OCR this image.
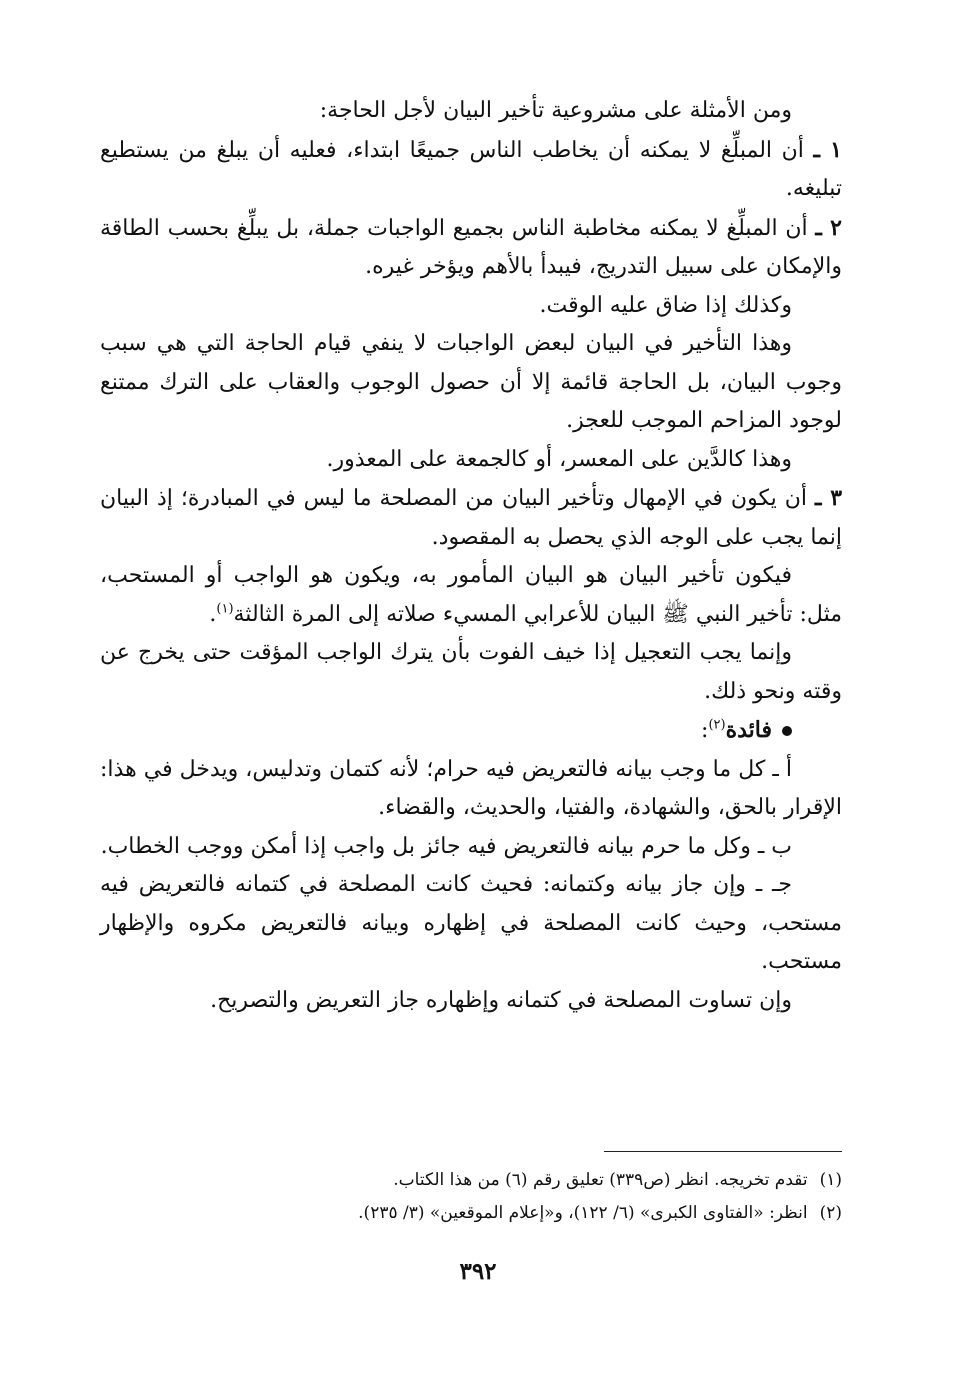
ومن الأمثلة على مشروعية تأخير البيان لأجل الحاجة:

١ ـ أن المبلِّغ لا يمكنه أن يخاطب الناس جميعًا ابتداء، فعليه أن يبلغ من يستطيع تبليغه.

٢ ـ أن المبلِّغ لا يمكنه مخاطبة الناس بجميع الواجبات جملة، بل يبلِّغ بحسب الطاقة والإمكان على سبيل التدريج، فيبدأ بالأهم ويؤخر غيره.

وكذلك إذا ضاق عليه الوقت.

وهذا التأخير في البيان لبعض الواجبات لا ينفي قيام الحاجة التي هي سبب وجوب البيان، بل الحاجة قائمة إلا أن حصول الوجوب والعقاب على الترك ممتنع لوجود المزاحم الموجب للعجز.

وهذا كالدَّين على المعسر، أو كالجمعة على المعذور.

٣ ـ أن يكون في الإمهال وتأخير البيان من المصلحة ما ليس في المبادرة؛ إذ البيان إنما يجب على الوجه الذي يحصل به المقصود.

فيكون تأخير البيان هو البيان المأمور به، ويكون هو الواجب أو المستحب، مثل: تأخير النبي ﷺ البيان للأعرابي المسيء صلاته إلى المرة الثالثة$^{(١)}$.

وإنما يجب التعجيل إذا خيف الفوت بأن يترك الواجب المؤقت حتى يخرج عن وقته ونحو ذلك.

فائدة$^{(٢)}$:

أ ـ كل ما وجب بيانه فالتعريض فيه حرام؛ لأنه كتمان وتدليس، ويدخل في هذا: الإقرار بالحق، والشهادة، والفتيا، والحديث، والقضاء.

ب ـ وكل ما حرم بيانه فالتعريض فيه جائز بل واجب إذا أمكن ووجب الخطاب.

جـ ـ وإن جاز بيانه وكتمانه: فحيث كانت المصلحة في كتمانه فالتعريض فيه مستحب، وحيث كانت المصلحة في إظهاره وبيانه فالتعريض مكروه والإظهار مستحب.

وإن تساوت المصلحة في كتمانه وإظهاره جاز التعريض والتصريح.

(١)تقدم تخريجه. انظر (ص٣٣٩) تعليق رقم (٦) من هذا الكتاب.

(٢)انظر: «الفتاوى الكبرى» (٦/ ١٢٢)، و«إعلام الموقعين» (٣/ ٢٣٥).

٣٩٢
